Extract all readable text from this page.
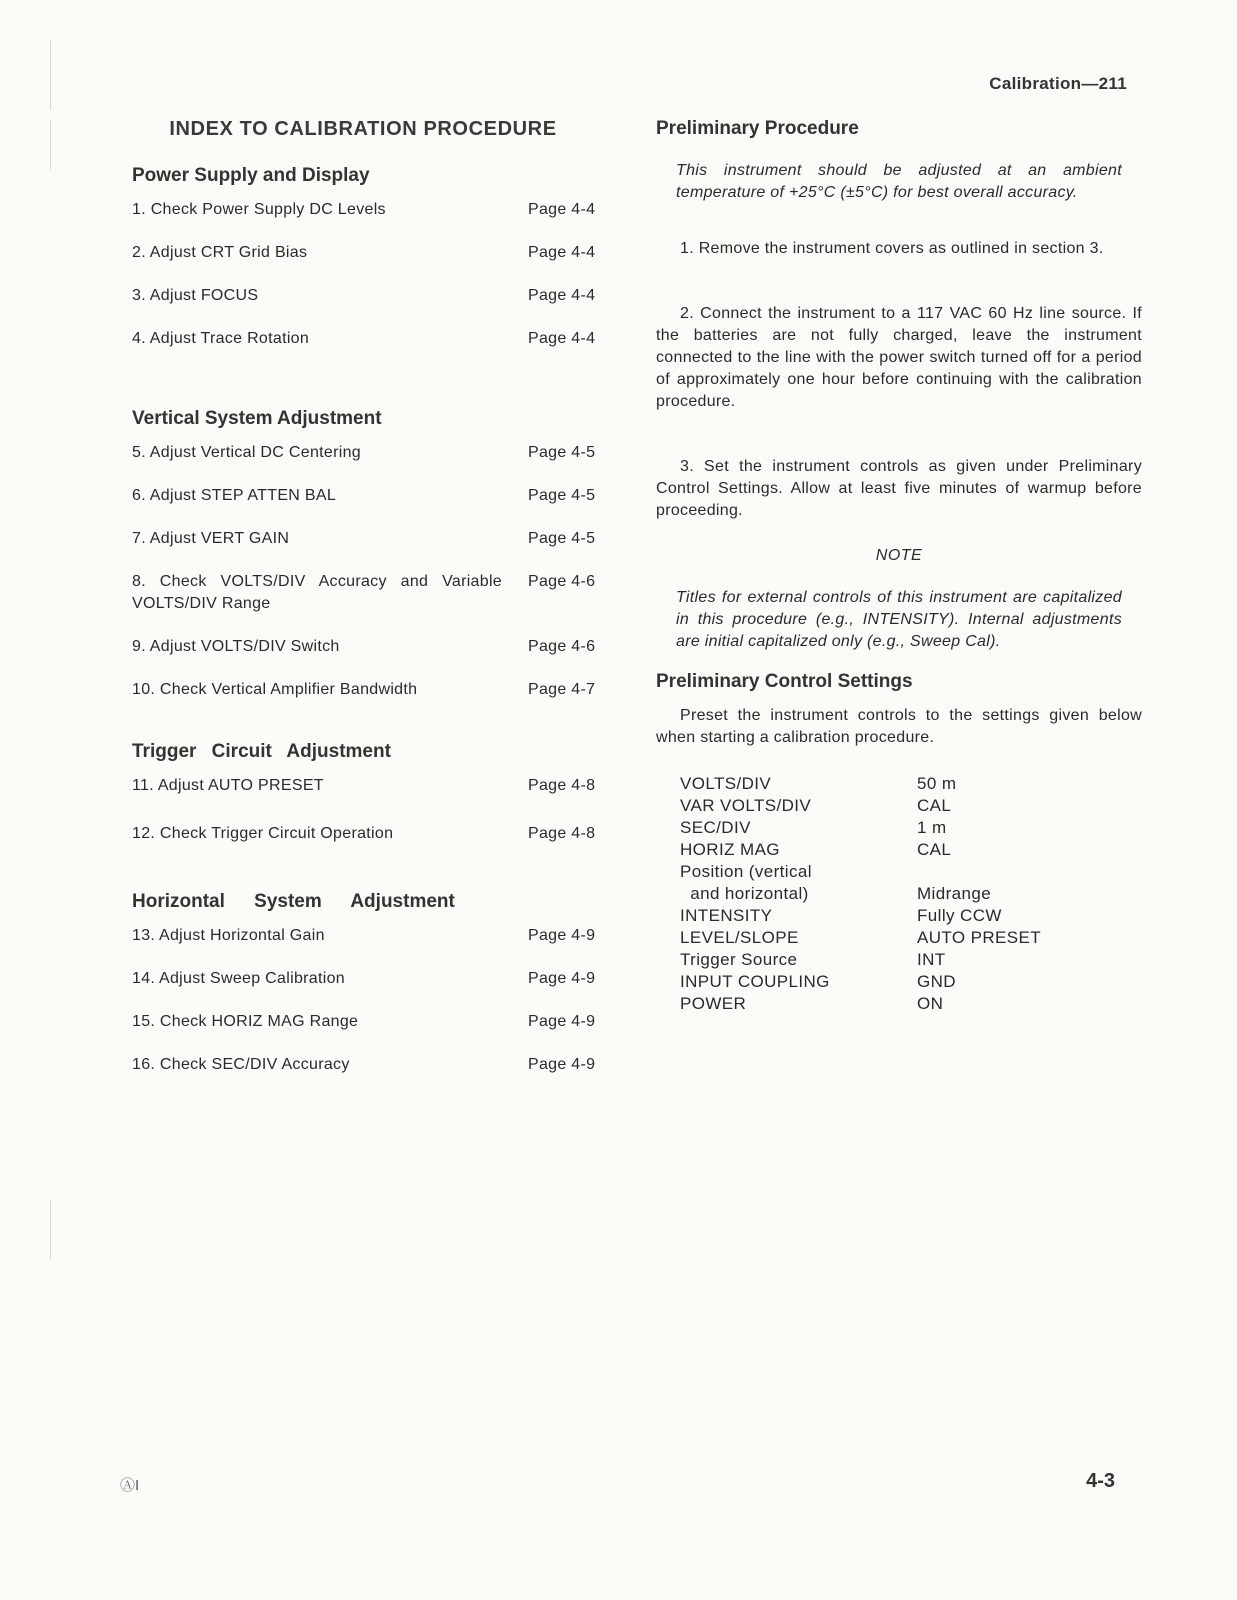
Calibration—211
INDEX TO CALIBRATION PROCEDURE
Power Supply and Display
1. Check Power Supply DC Levels	Page 4-4
2. Adjust CRT Grid Bias	Page 4-4
3. Adjust FOCUS	Page 4-4
4. Adjust Trace Rotation	Page 4-4
Vertical System Adjustment
5. Adjust Vertical DC Centering	Page 4-5
6. Adjust STEP ATTEN BAL	Page 4-5
7. Adjust VERT GAIN	Page 4-5
8. Check VOLTS/DIV Accuracy and Variable VOLTS/DIV Range
Page 4-6
9. Adjust VOLTS/DIV Switch	Page 4-6
10. Check Vertical Amplifier Bandwidth	Page 4-7
Trigger Circuit Adjustment
11. Adjust AUTO PRESET	Page 4-8
12. Check Trigger Circuit Operation	Page 4-8
Horizontal System Adjustment
13. Adjust Horizontal Gain	Page 4-9
14. Adjust Sweep Calibration	Page 4-9
15. Check HORIZ MAG Range	Page 4-9
16. Check SEC/DIV Accuracy	Page 4-9
Preliminary Procedure
This instrument should be adjusted at an ambient temperature of +25°C (±5°C) for best overall accuracy.
1. Remove the instrument covers as outlined in section 3.
2. Connect the instrument to a 117 VAC 60 Hz line source. If the batteries are not fully charged, leave the instrument connected to the line with the power switch turned off for a period of approximately one hour before continuing with the calibration procedure.
3. Set the instrument controls as given under Preliminary Control Settings. Allow at least five minutes of warmup before proceeding.
NOTE
Titles for external controls of this instrument are capitalized in this procedure (e.g., INTENSITY). Internal adjustments are initial capitalized only (e.g., Sweep Cal).
Preliminary Control Settings
Preset the instrument controls to the settings given below when starting a calibration procedure.
VOLTS/DIV	50 m
VAR VOLTS/DIV	CAL
SEC/DIV	1 m
HORIZ MAG	CAL
Position (vertical
and horizontal)	Midrange
INTENSITY	Fully CCW
LEVEL/SLOPE	AUTO PRESET
Trigger Source	INT
INPUT COUPLING	GND
POWER	ON
ⒶI	4-3
